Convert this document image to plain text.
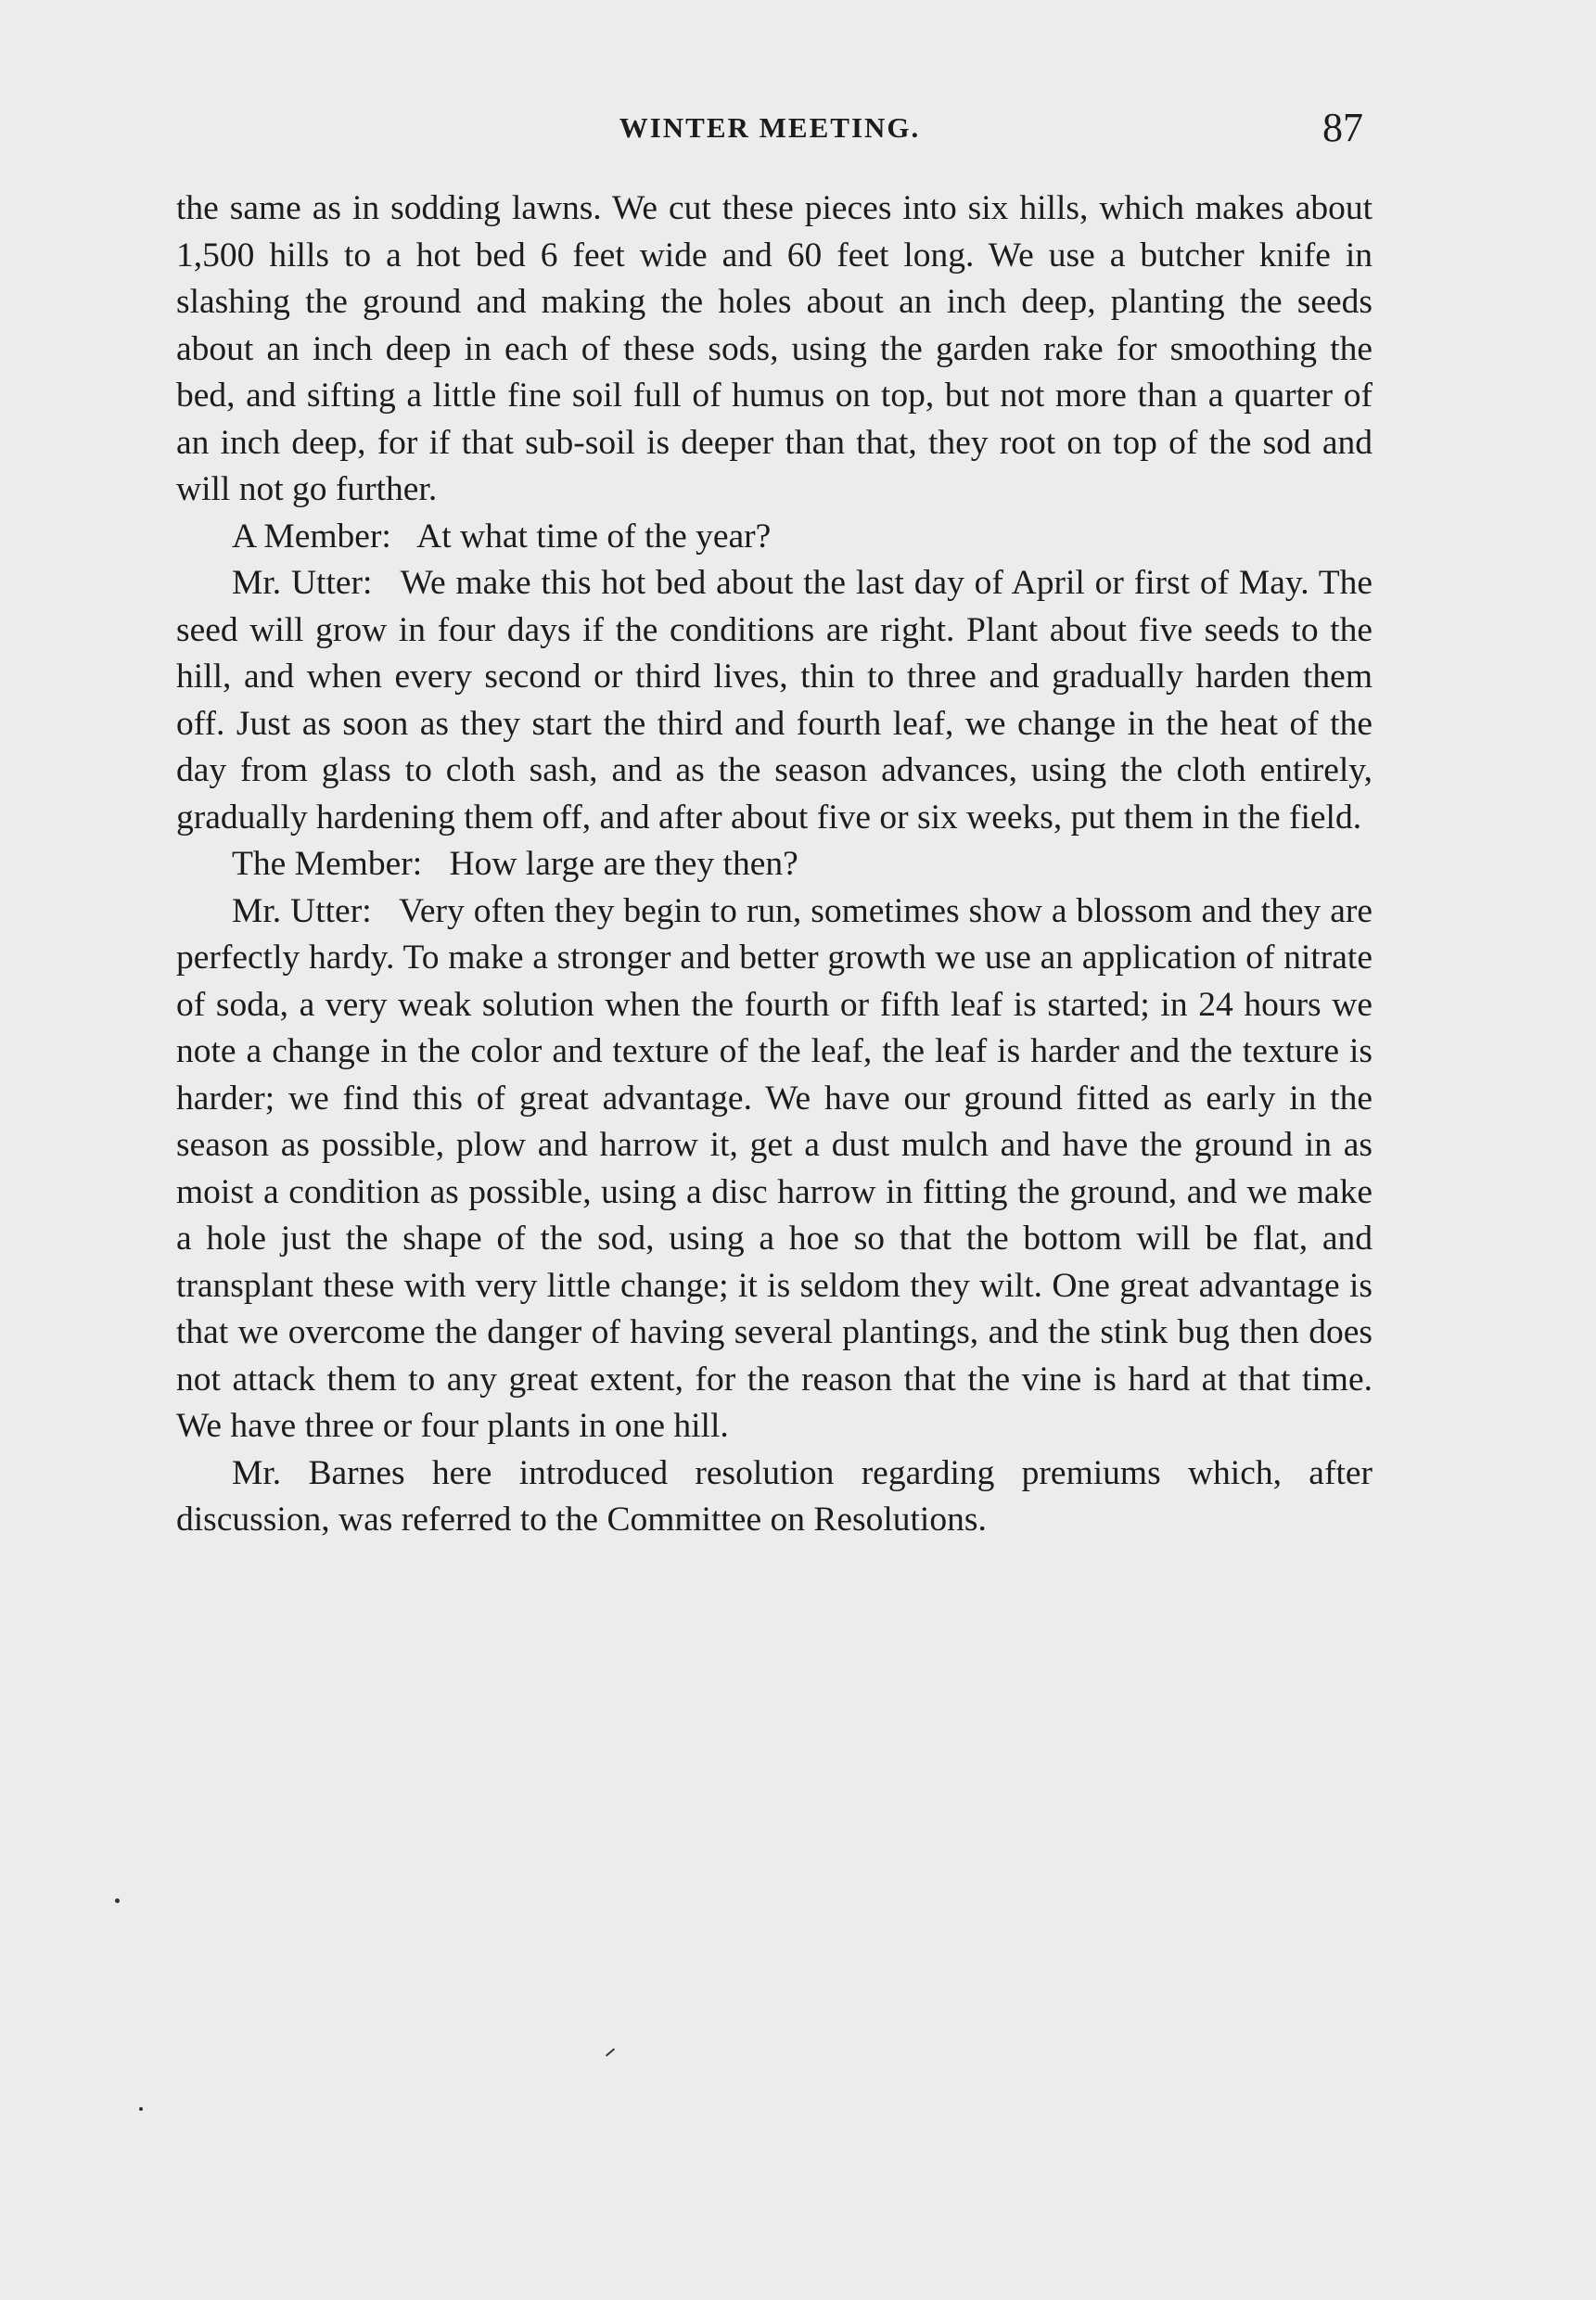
WINTER MEETING.	87

the same as in sodding lawns. We cut these pieces into six hills, which makes about 1,500 hills to a hot bed 6 feet wide and 60 feet long. We use a butcher knife in slashing the ground and making the holes about an inch deep, planting the seeds about an inch deep in each of these sods, using the garden rake for smoothing the bed, and sifting a little fine soil full of humus on top, but not more than a quarter of an inch deep, for if that sub-soil is deeper than that, they root on top of the sod and will not go further.

A Member: At what time of the year?

Mr. Utter: We make this hot bed about the last day of April or first of May. The seed will grow in four days if the conditions are right. Plant about five seeds to the hill, and when every second or third lives, thin to three and gradually harden them off. Just as soon as they start the third and fourth leaf, we change in the heat of the day from glass to cloth sash, and as the season advances, using the cloth entirely, gradually hardening them off, and after about five or six weeks, put them in the field.

The Member: How large are they then?

Mr. Utter: Very often they begin to run, sometimes show a blossom and they are perfectly hardy. To make a stronger and better growth we use an application of nitrate of soda, a very weak solution when the fourth or fifth leaf is started; in 24 hours we note a change in the color and texture of the leaf, the leaf is harder and the texture is harder; we find this of great advantage. We have our ground fitted as early in the season as possible, plow and harrow it, get a dust mulch and have the ground in as moist a condition as possible, using a disc harrow in fitting the ground, and we make a hole just the shape of the sod, using a hoe so that the bottom will be flat, and transplant these with very little change; it is seldom they wilt. One great advantage is that we overcome the danger of having several plantings, and the stink bug then does not attack them to any great extent, for the reason that the vine is hard at that time. We have three or four plants in one hill.

Mr. Barnes here introduced resolution regarding premiums which, after discussion, was referred to the Committee on Resolutions.
